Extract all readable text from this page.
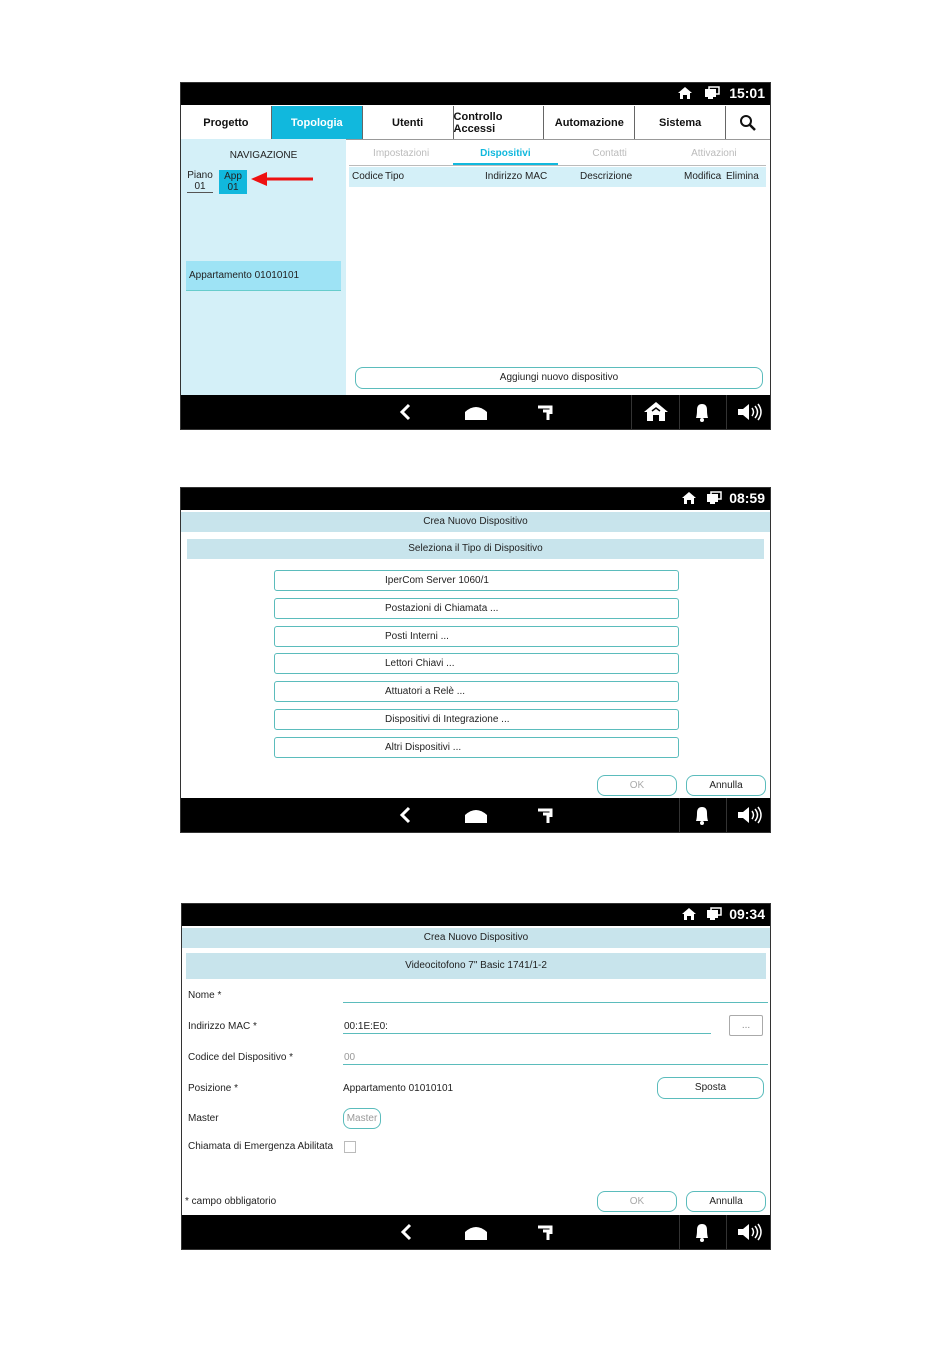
15:01
Progetto	Topologia	Utenti	Controllo Accessi	Automazione	Sistema
NAVIGAZIONE
Piano
01
App
01
Appartamento 01010101
Impostazioni	Dispositivi	Contatti	Attivazioni
Codice Tipo	Indirizzo MAC	Descrizione	Modifica Elimina
Aggiungi nuovo dispositivo
08:59
Crea Nuovo Dispositivo
Seleziona il Tipo di Dispositivo
IperCom Server 1060/1
Postazioni di Chiamata ...
Posti Interni ...
Lettori Chiavi ...
Attuatori a Relè ...
Dispositivi di Integrazione ...
Altri Dispositivi ...
OK	Annulla
09:34
Crea Nuovo Dispositivo
Videocitofono 7" Basic 1741/1-2
Nome *
Indirizzo MAC *	00:1E:E0:	...
Codice del Dispositivo *	00
Posizione *	Appartamento 01010101	Sposta
Master	Master
Chiamata di Emergenza Abilitata
* campo obbligatorio	OK	Annulla
